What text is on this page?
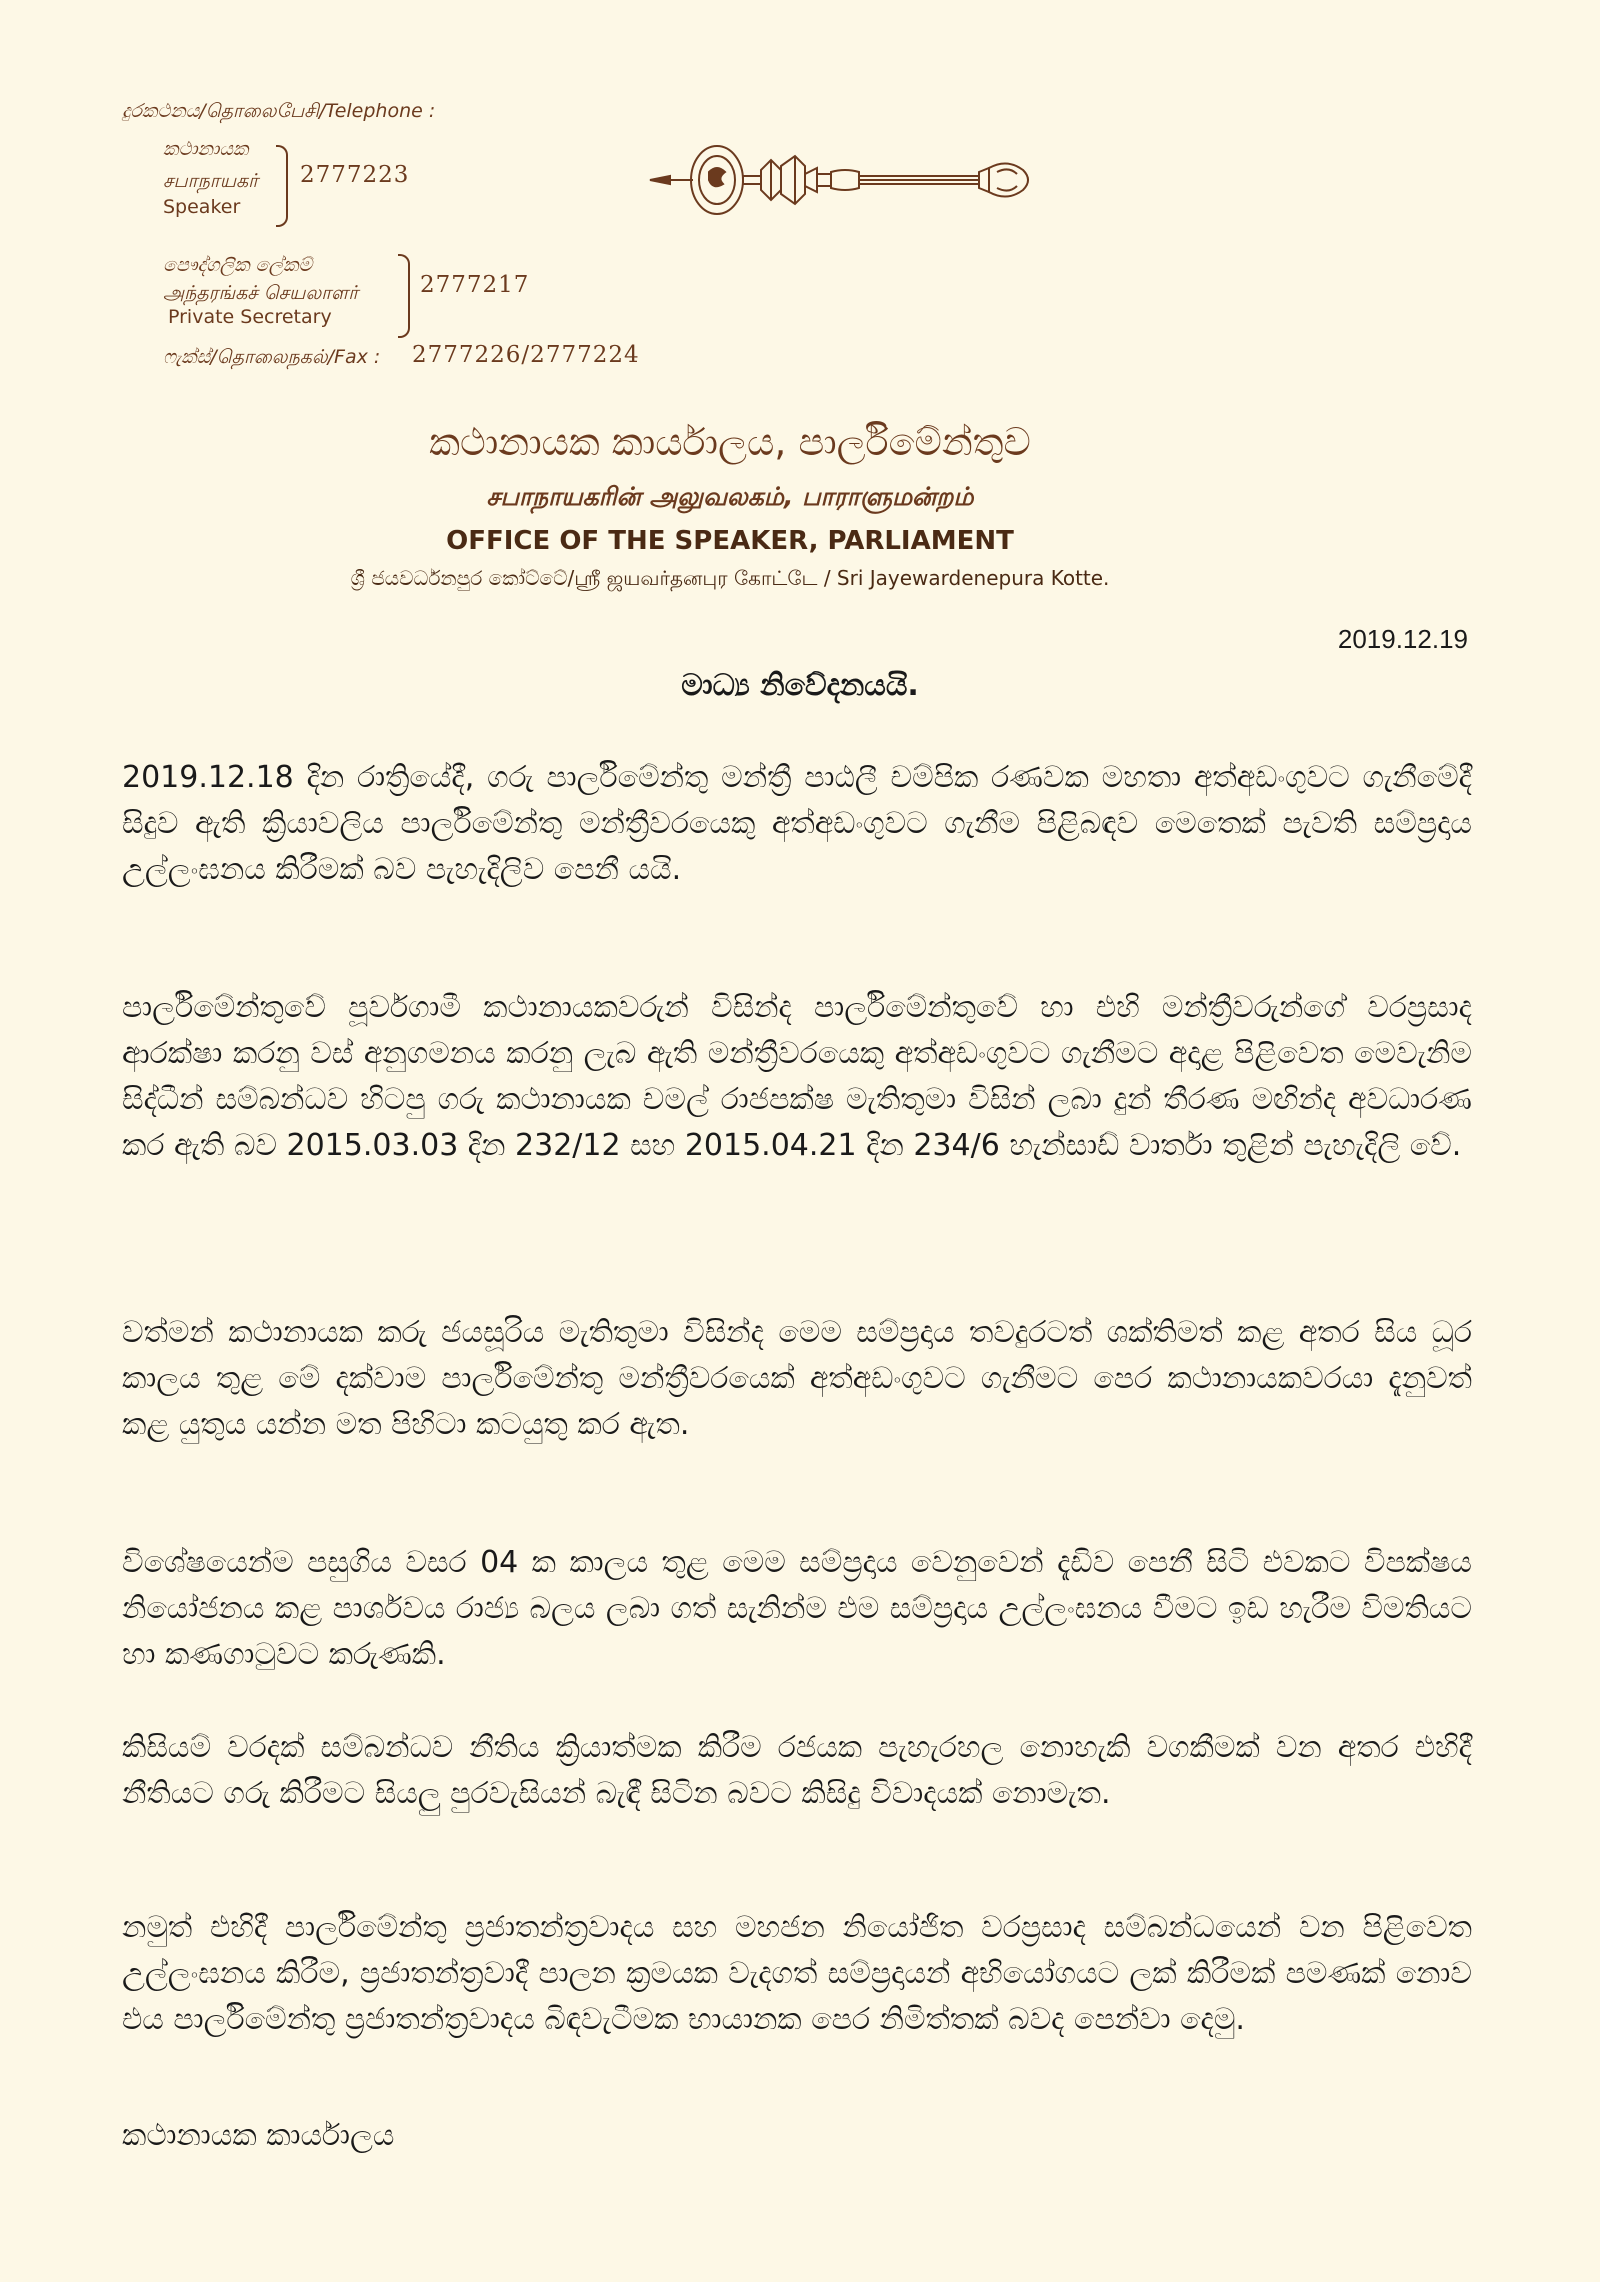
දුරකථනය/தொலைபேசி/Telephone :
කථානායක
சபாநாயகர்
Speaker
2777223
පෞද්ගලික ලේකම්
அந்தரங்கச் செயலாளர்
Private Secretary
2777217
ෆැක්ස්/தொலைநகல்/Fax : 2777226/2777224
කථානායක කාර්යාලය, පාර්ලිමේන්තුව
சபாநாயகரின் அலுவலகம், பாராளுமன்றம்
OFFICE OF THE SPEAKER, PARLIAMENT
ශ්‍රී ජයවර්ධනපුර කෝට්ටේ/ஸ்ரீ ஜயவர்தனபுர கோட்டே / Sri Jayewardenepura Kotte.
2019.12.19
මාධ්‍ය නිවේදනයයි.
2019.12.18 දින රාත්‍රියේදී, ගරු පාර්ලිමේන්තු මන්ත්‍රී පාඨලී චම්පික රණවක මහතා අත්අඩංගුවට ගැනීමේදී සිදුව ඇති ක්‍රියාවලිය පාර්ලිමේන්තු මන්ත්‍රීවරයෙකු අත්අඩංගුවට ගැනීම පිළිබඳව මෙතෙක් පැවති සම්ප්‍රදාය උල්ලංඝනය කිරීමක් බව පැහැදිලිව පෙනී යයි.
පාර්ලිමේන්තුවේ පූර්වගාමී කථානායකවරුන් විසින්ද පාර්ලිමේන්තුවේ හා එහි මන්ත්‍රීවරුන්ගේ වරප්‍රසාද ආරක්ෂා කරනු වස් අනුගමනය කරනු ලැබ ඇති මන්ත්‍රීවරයෙකු අත්අඩංගුවට ගැනීමට අදාළ පිළිවෙත මෙවැනිම සිද්ධීන් සම්බන්ධව හිටපු ගරු කථානායක චමල් රාජපක්ෂ මැතිතුමා විසින් ලබා දුන් තීරණ මඟින්ද අවධාරණ කර ඇති බව 2015.03.03 දින 232/12 සහ 2015.04.21 දින 234/6 හැන්සාඩ් වාර්තා තුළින් පැහැදිලි වේ.
වත්මන් කථානායක කරු ජයසූරිය මැතිතුමා විසින්ද මෙම සම්ප්‍රදාය තවදුරටත් ශක්තිමත් කළ අතර සිය ධූර කාලය තුළ මේ දක්වාම පාර්ලිමේන්තු මන්ත්‍රීවරයෙක් අත්අඩංගුවට ගැනීමට පෙර කථානායකවරයා දැනුවත් කළ යුතුය යන්න මත පිහිටා කටයුතු කර ඇත.
විශේෂයෙන්ම පසුගිය වසර 04 ක කාලය තුළ මෙම සම්ප්‍රදාය වෙනුවෙන් දැඩිව පෙනී සිටි එවකට විපක්ෂය නියෝජනය කළ පාර්ශවය රාජ්‍ය බලය ලබා ගත් සැනින්ම එම සම්ප්‍රදාය උල්ලංඝනය වීමට ඉඩ හැරීම විමතියට හා කණගාටුවට කරුණකි.
කිසියම් වරදක් සම්බන්ධව නීතිය ක්‍රියාත්මක කිරීම රජයක පැහැරහල නොහැකි වගකීමක් වන අතර එහිදී නීතියට ගරු කිරීමට සියලු පුරවැසියන් බැඳී සිටින බවට කිසිදු විවාදයක් නොමැත.
නමුත් එහිදී පාර්ලිමේන්තු ප්‍රජාතන්ත්‍රවාදය සහ මහජන නියෝජිත වරප්‍රසාද සම්බන්ධයෙන් වන පිළිවෙත උල්ලංඝනය කිරීම, ප්‍රජාතන්ත්‍රවාදී පාලන ක්‍රමයක වැදගත් සම්ප්‍රදායන් අභියෝගයට ලක් කිරීමක් පමණක් නොව එය පාර්ලිමේන්තු ප්‍රජාතන්ත්‍රවාදය බිඳවැටීමක භායානක පෙර නිමිත්තක් බවද පෙන්වා දෙමු.
කථානායක කාර්යාලය
